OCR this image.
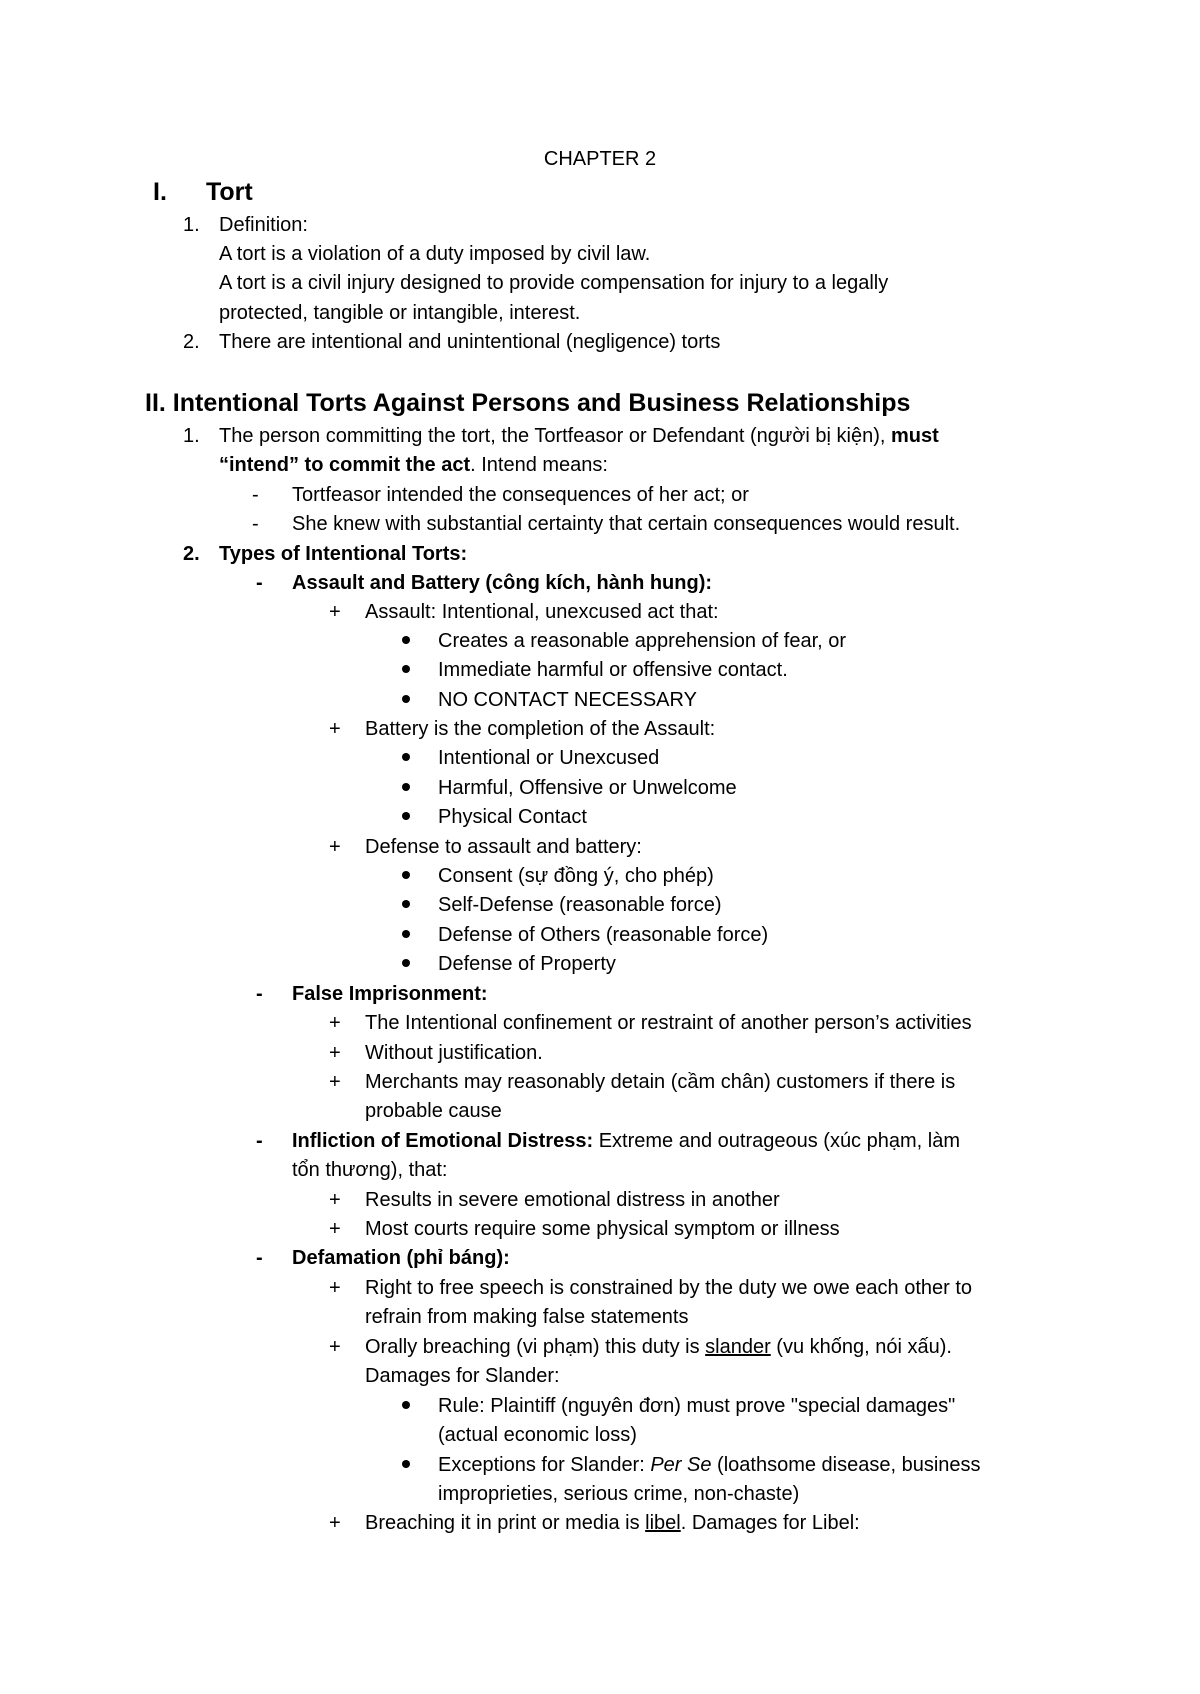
CHAPTER 2
I. Tort
1. Definition:
A tort is a violation of a duty imposed by civil law.
A tort is a civil injury designed to provide compensation for injury to a legally
protected, tangible or intangible, interest.
2. There are intentional and unintentional (negligence) torts
II. Intentional Torts Against Persons and Business Relationships
1. The person committing the tort, the Tortfeasor or Defendant (người bị kiện), must
“intend” to commit the act. Intend means:
- Tortfeasor intended the consequences of her act; or
- She knew with substantial certainty that certain consequences would result.
2. Types of Intentional Torts:
- Assault and Battery (công kích, hành hung):
+ Assault: Intentional, unexcused act that:
Creates a reasonable apprehension of fear, or
Immediate harmful or offensive contact.
NO CONTACT NECESSARY
+ Battery is the completion of the Assault:
Intentional or Unexcused
Harmful, Offensive or Unwelcome
Physical Contact
+ Defense to assault and battery:
Consent (sự đồng ý, cho phép)
Self-Defense (reasonable force)
Defense of Others (reasonable force)
Defense of Property
- False Imprisonment:
+ The Intentional confinement or restraint of another person’s activities
+ Without justification.
+ Merchants may reasonably detain (cầm chân) customers if there is
probable cause
- Infliction of Emotional Distress: Extreme and outrageous (xúc phạm, làm
tổn thương), that:
+ Results in severe emotional distress in another
+ Most courts require some physical symptom or illness
- Defamation (phỉ báng):
+ Right to free speech is constrained by the duty we owe each other to
refrain from making false statements
+ Orally breaching (vi phạm) this duty is slander (vu khống, nói xấu).
Damages for Slander:
Rule: Plaintiff (nguyên đơn) must prove "special damages"
(actual economic loss)
Exceptions for Slander: Per Se (loathsome disease, business
improprieties, serious crime, non-chaste)
+ Breaching it in print or media is libel. Damages for Libel:
